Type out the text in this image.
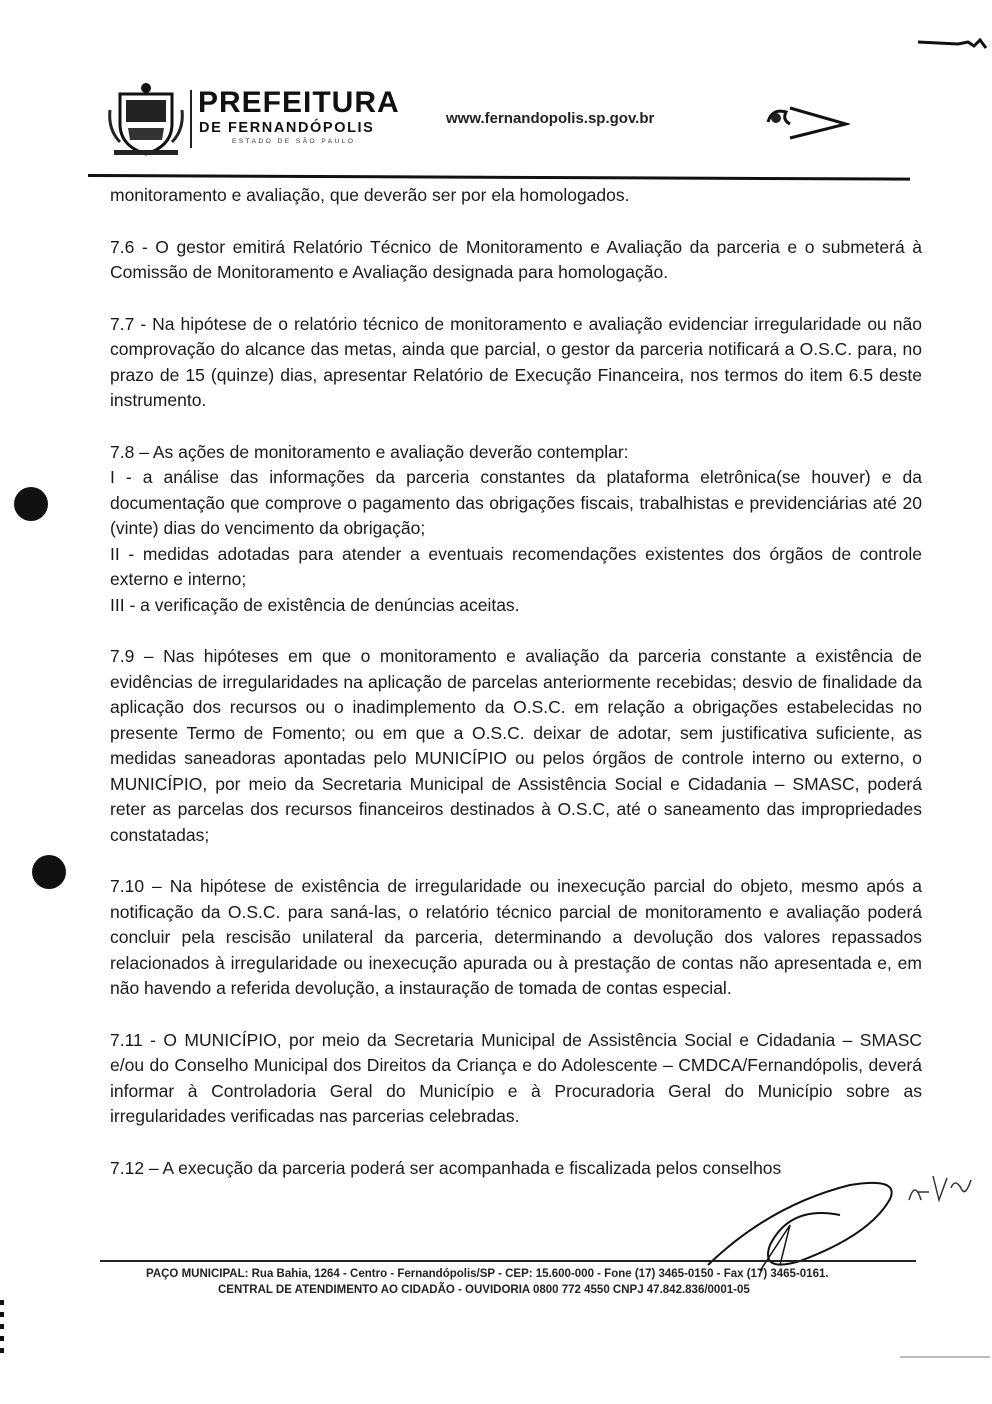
PREFEITURA
DE FERNANDÓPOLIS
ESTADO DE SÃO PAULO
www.fernandopolis.sp.gov.br

monitoramento e avaliação, que deverão ser por ela homologados.

7.6 - O gestor emitirá Relatório Técnico de Monitoramento e Avaliação da parceria e o submeterá à Comissão de Monitoramento e Avaliação designada para homologação.

7.7 - Na hipótese de o relatório técnico de monitoramento e avaliação evidenciar irregularidade ou não comprovação do alcance das metas, ainda que parcial, o gestor da parceria notificará a O.S.C. para, no prazo de 15 (quinze) dias, apresentar Relatório de Execução Financeira, nos termos do item 6.5 deste instrumento.

7.8 – As ações de monitoramento e avaliação deverão contemplar:

I - a análise das informações da parceria constantes da plataforma eletrônica(se houver) e da documentação que comprove o pagamento das obrigações fiscais, trabalhistas e previdenciárias até 20 (vinte) dias do vencimento da obrigação;

II - medidas adotadas para atender a eventuais recomendações existentes dos órgãos de controle externo e interno;

III - a verificação de existência de denúncias aceitas.

7.9 – Nas hipóteses em que o monitoramento e avaliação da parceria constante a existência de evidências de irregularidades na aplicação de parcelas anteriormente recebidas; desvio de finalidade da aplicação dos recursos ou o inadimplemento da O.S.C. em relação a obrigações estabelecidas no presente Termo de Fomento; ou em que a O.S.C. deixar de adotar, sem justificativa suficiente, as medidas saneadoras apontadas pelo MUNICÍPIO ou pelos órgãos de controle interno ou externo, o MUNICÍPIO, por meio da Secretaria Municipal de Assistência Social e Cidadania – SMASC, poderá reter as parcelas dos recursos financeiros destinados à O.S.C, até o saneamento das impropriedades constatadas;

7.10 – Na hipótese de existência de irregularidade ou inexecução parcial do objeto, mesmo após a notificação da O.S.C. para saná-las, o relatório técnico parcial de monitoramento e avaliação poderá concluir pela rescisão unilateral da parceria, determinando a devolução dos valores repassados relacionados à irregularidade ou inexecução apurada ou à prestação de contas não apresentada e, em não havendo a referida devolução, a instauração de tomada de contas especial.

7.11 - O MUNICÍPIO, por meio da Secretaria Municipal de Assistência Social e Cidadania – SMASC e/ou do Conselho Municipal dos Direitos da Criança e do Adolescente – CMDCA/Fernandópolis, deverá informar à Controladoria Geral do Município e à Procuradoria Geral do Município sobre as irregularidades verificadas nas parcerias celebradas.

7.12 – A execução da parceria poderá ser acompanhada e fiscalizada pelos conselhos

PAÇO MUNICIPAL: Rua Bahia, 1264 - Centro - Fernandópolis/SP - CEP: 15.600-000 - Fone (17) 3465-0150 - Fax (17) 3465-0161.
CENTRAL DE ATENDIMENTO AO CIDADÃO - OUVIDORIA 0800 772 4550 CNPJ 47.842.836/0001-05
